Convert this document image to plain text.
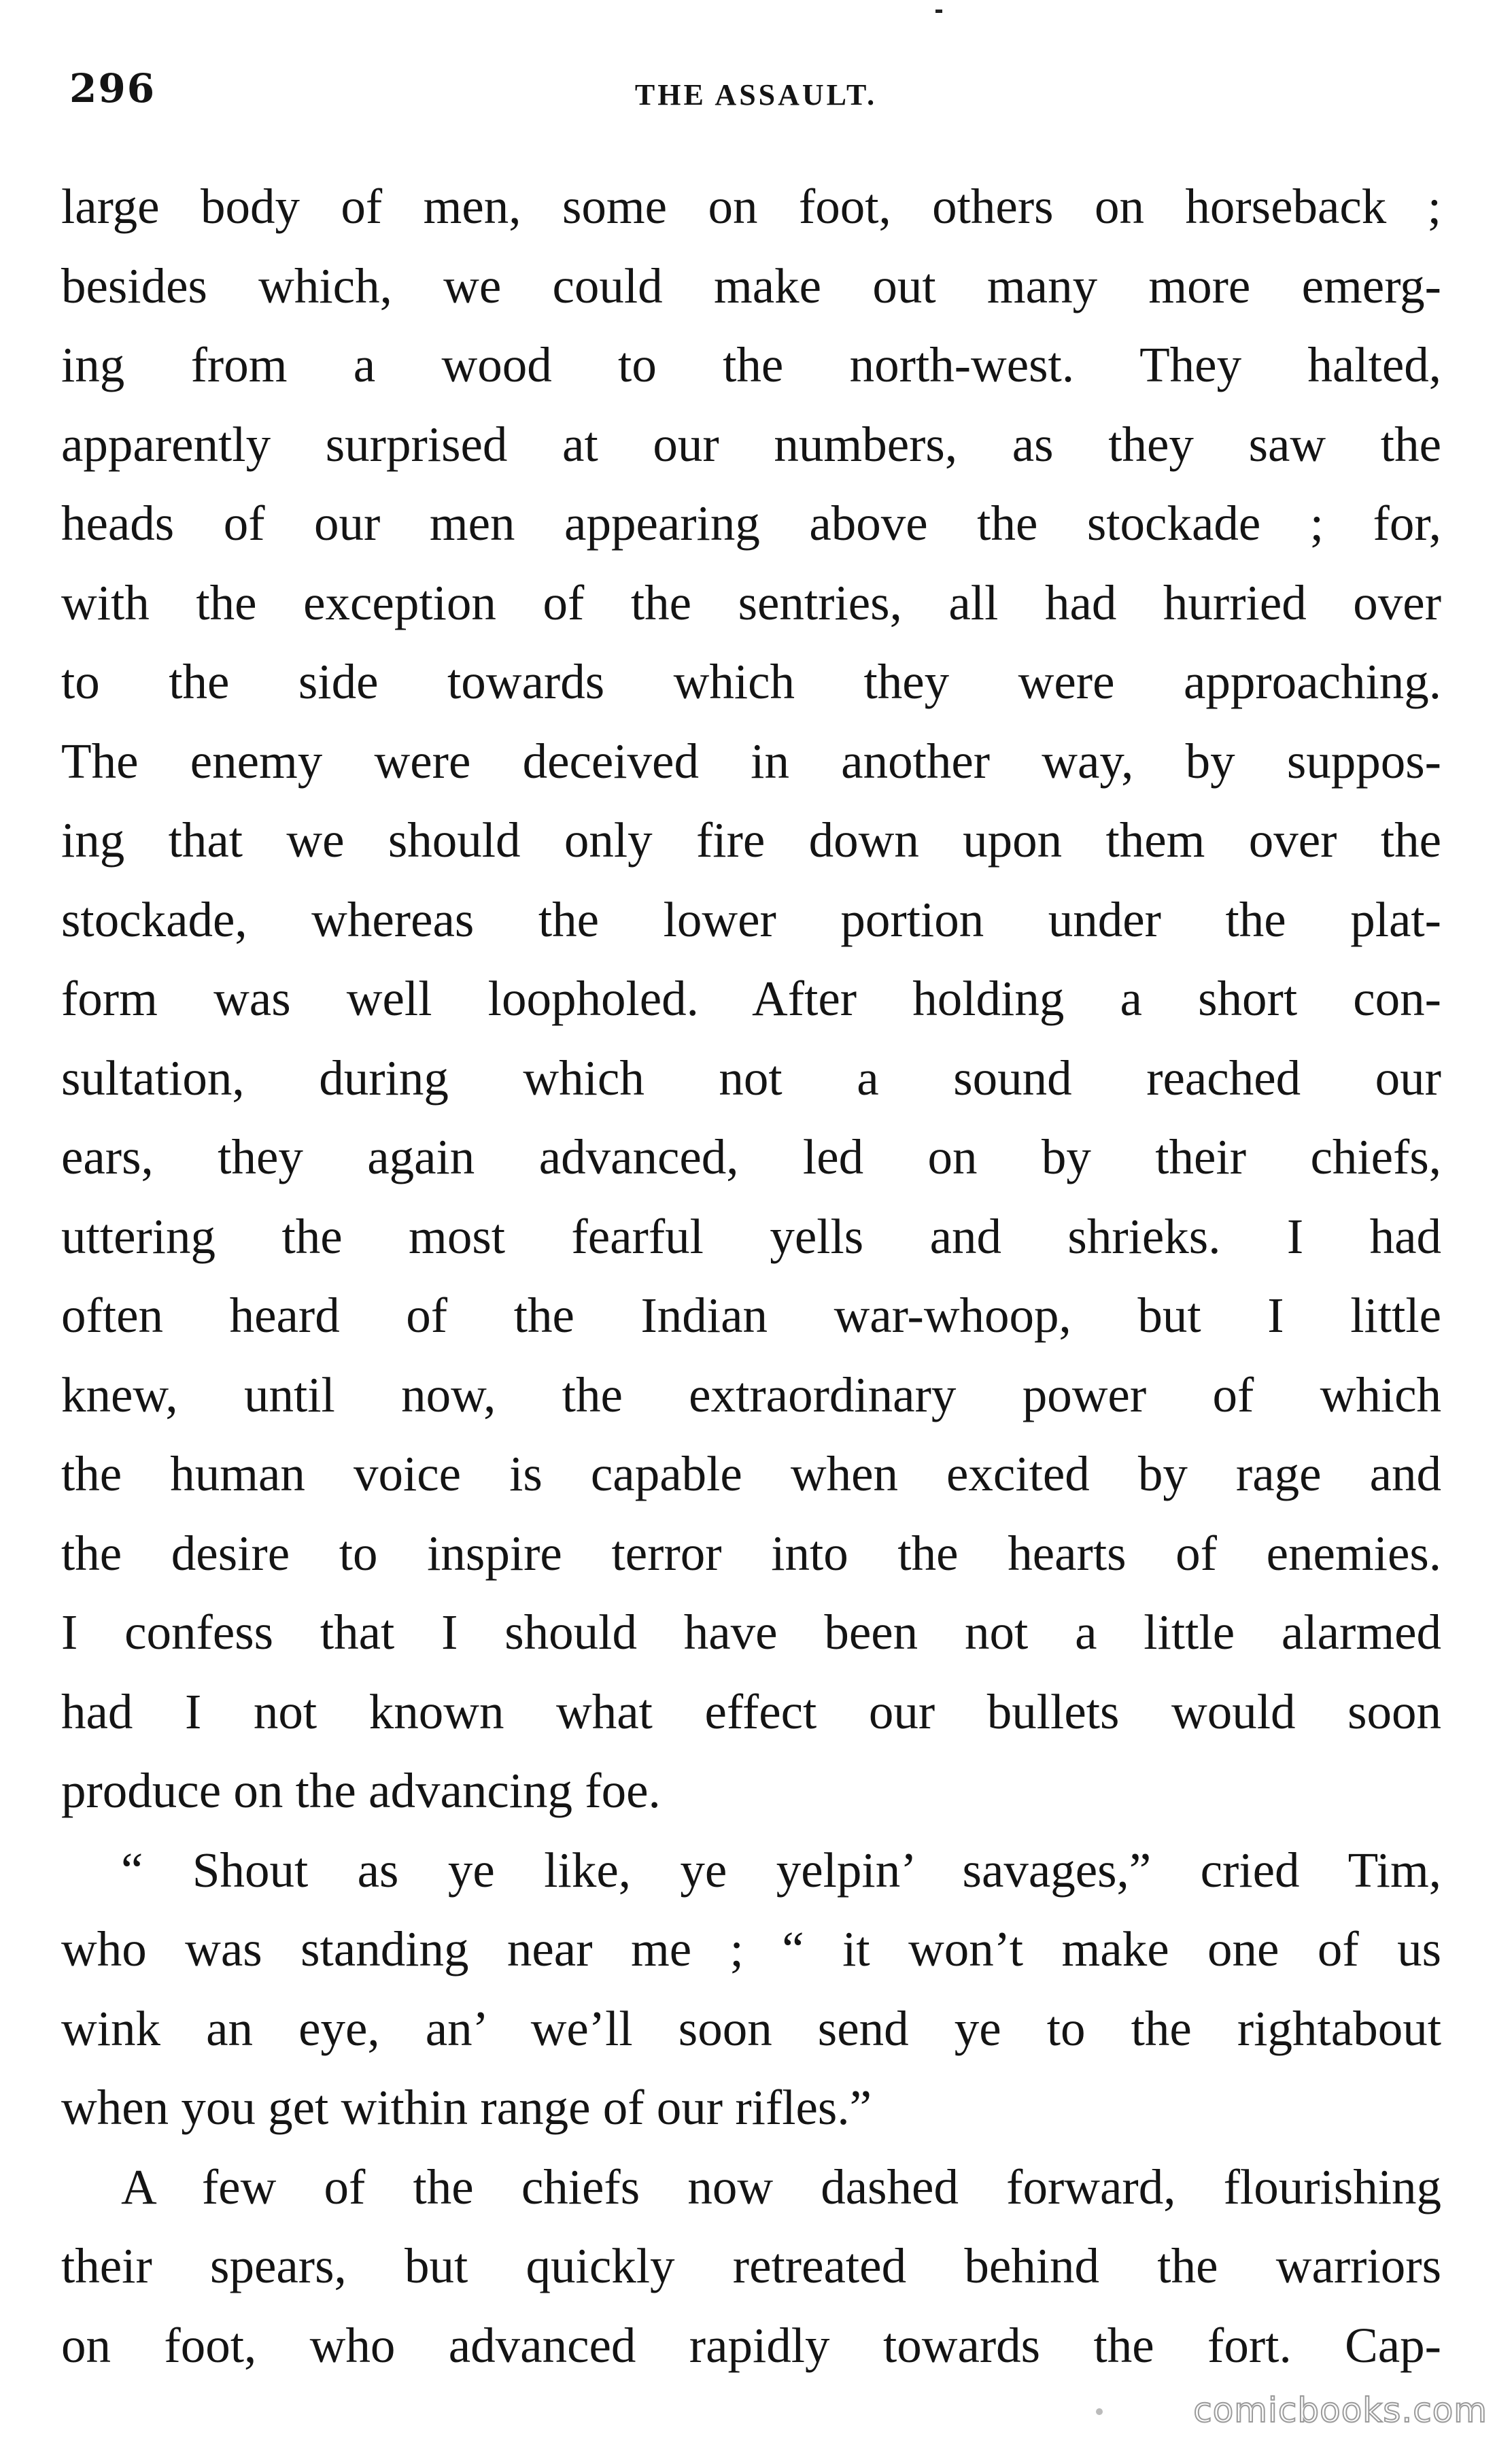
296	THE ASSAULT.
large body of men, some on foot, others on horseback ;
besides which, we could make out many more emerg-
ing from a wood to the north-west. They halted,
apparently surprised at our numbers, as they saw the
heads of our men appearing above the stockade ; for,
with the exception of the sentries, all had hurried over
to the side towards which they were approaching.
The enemy were deceived in another way, by suppos-
ing that we should only fire down upon them over the
stockade, whereas the lower portion under the plat-
form was well loopholed. After holding a short con-
sultation, during which not a sound reached our
ears, they again advanced, led on by their chiefs,
uttering the most fearful yells and shrieks. I had
often heard of the Indian war-whoop, but I little
knew, until now, the extraordinary power of which
the human voice is capable when excited by rage and
the desire to inspire terror into the hearts of enemies.
I confess that I should have been not a little alarmed
had I not known what effect our bullets would soon
produce on the advancing foe.
“ Shout as ye like, ye yelpin’ savages,” cried Tim,
who was standing near me ; “ it won’t make one of us
wink an eye, an’ we’ll soon send ye to the rightabout
when you get within range of our rifles.”
A few of the chiefs now dashed forward, flourishing
their spears, but quickly retreated behind the warriors
on foot, who advanced rapidly towards the fort. Cap-
comicbooks.com
